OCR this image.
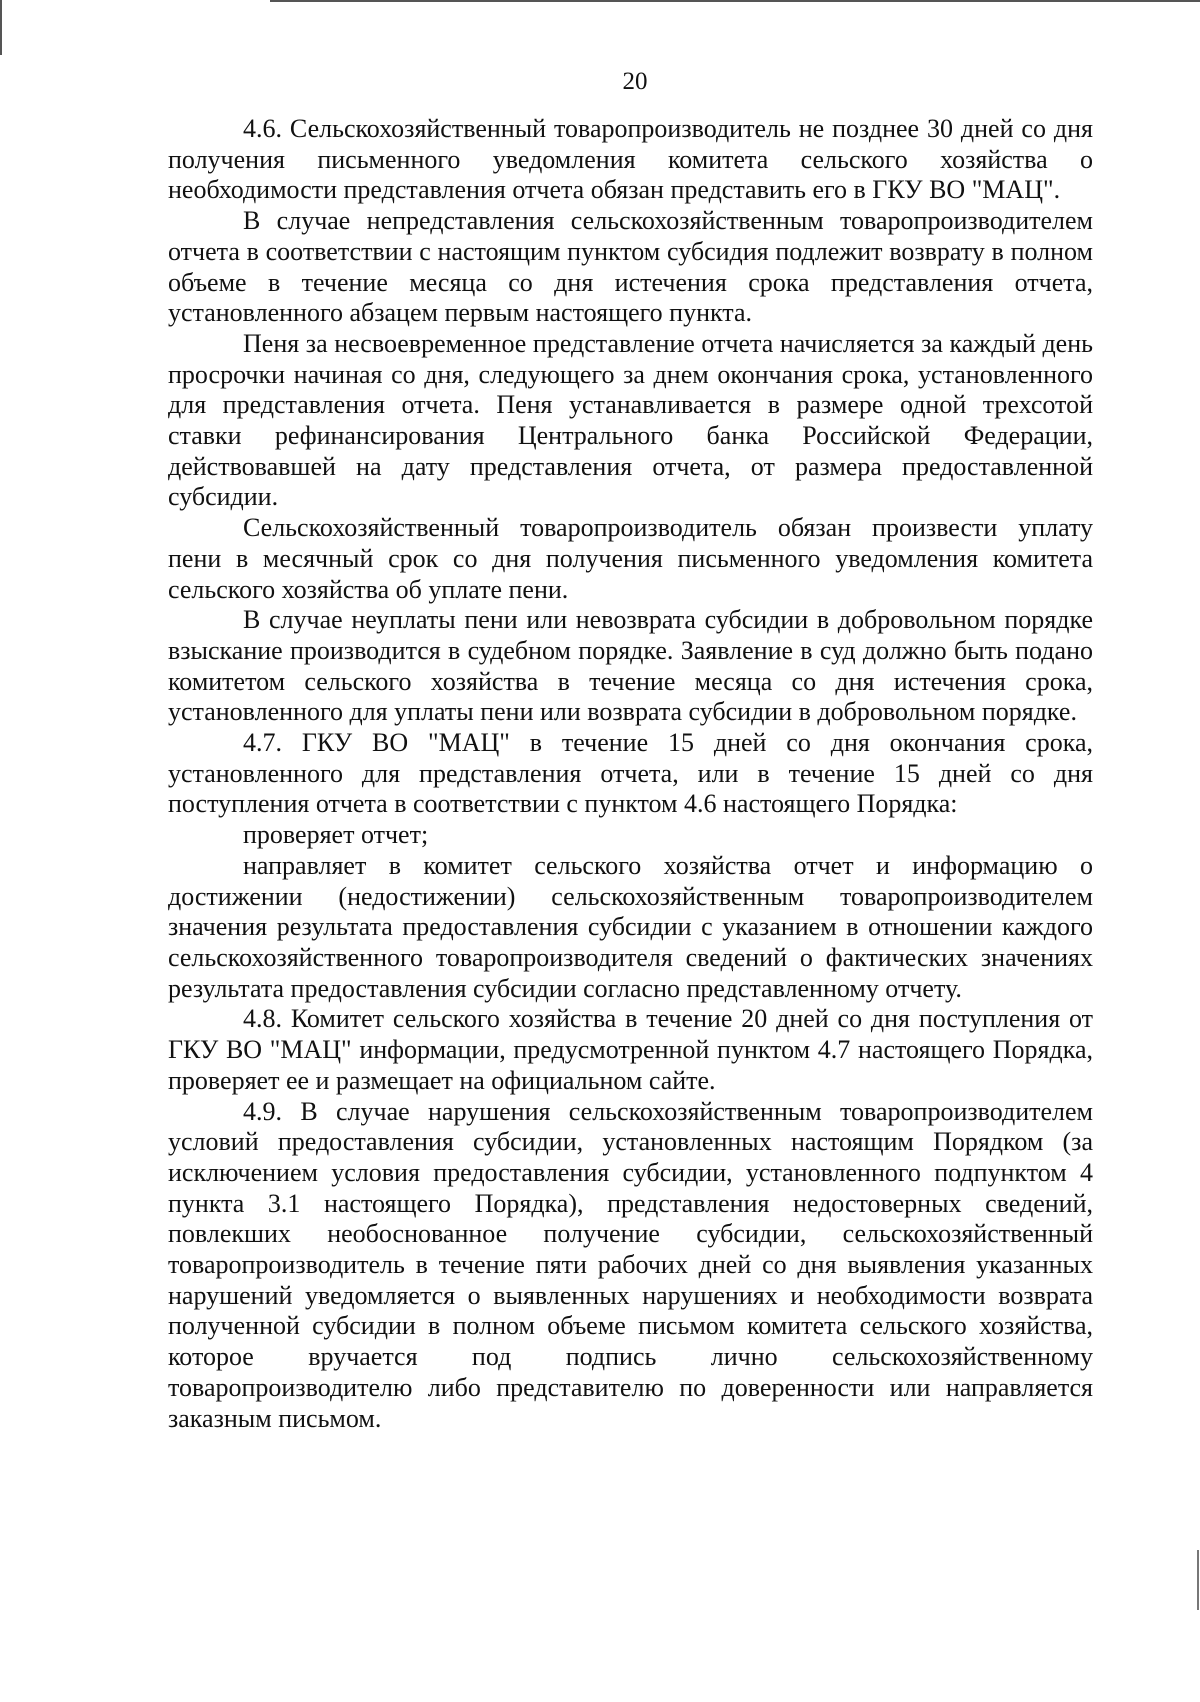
20

4.6. Сельскохозяйственный товаропроизводитель не позднее 30 дней со дня получения письменного уведомления комитета сельского хозяйства о необходимости представления отчета обязан представить его в ГКУ ВО "МАЦ".

В случае непредставления сельскохозяйственным товаропроизводителем отчета в соответствии с настоящим пунктом субсидия подлежит возврату в полном объеме в течение месяца со дня истечения срока представления отчета, установленного абзацем первым настоящего пункта.

Пеня за несвоевременное представление отчета начисляется за каждый день просрочки начиная со дня, следующего за днем окончания срока, установленного для представления отчета. Пеня устанавливается в размере одной трехсотой ставки рефинансирования Центрального банка Российской Федерации, действовавшей на дату представления отчета, от размера предоставленной субсидии.

Сельскохозяйственный товаропроизводитель обязан произвести уплату пени в месячный срок со дня получения письменного уведомления комитета сельского хозяйства об уплате пени.

В случае неуплаты пени или невозврата субсидии в добровольном порядке взыскание производится в судебном порядке. Заявление в суд должно быть подано комитетом сельского хозяйства в течение месяца со дня истечения срока, установленного для уплаты пени или возврата субсидии в добровольном порядке.

4.7. ГКУ ВО "МАЦ" в течение 15 дней со дня окончания срока, установленного для представления отчета, или в течение 15 дней со дня поступления отчета в соответствии с пунктом 4.6 настоящего Порядка:

проверяет отчет;

направляет в комитет сельского хозяйства отчет и информацию о достижении (недостижении) сельскохозяйственным товаропроизводителем значения результата предоставления субсидии с указанием в отношении каждого сельскохозяйственного товаропроизводителя сведений о фактических значениях результата предоставления субсидии согласно представленному отчету.

4.8. Комитет сельского хозяйства в течение 20 дней со дня поступления от ГКУ ВО "МАЦ" информации, предусмотренной пунктом 4.7 настоящего Порядка, проверяет ее и размещает на официальном сайте.

4.9. В случае нарушения сельскохозяйственным товаропроизводителем условий предоставления субсидии, установленных настоящим Порядком (за исключением условия предоставления субсидии, установленного подпунктом 4 пункта 3.1 настоящего Порядка), представления недостоверных сведений, повлекших необоснованное получение субсидии, сельскохозяйственный товаропроизводитель в течение пяти рабочих дней со дня выявления указанных нарушений уведомляется о выявленных нарушениях и необходимости возврата полученной субсидии в полном объеме письмом комитета сельского хозяйства, которое вручается под подпись лично сельскохозяйственному товаропроизводителю либо представителю по доверенности или направляется заказным письмом.
